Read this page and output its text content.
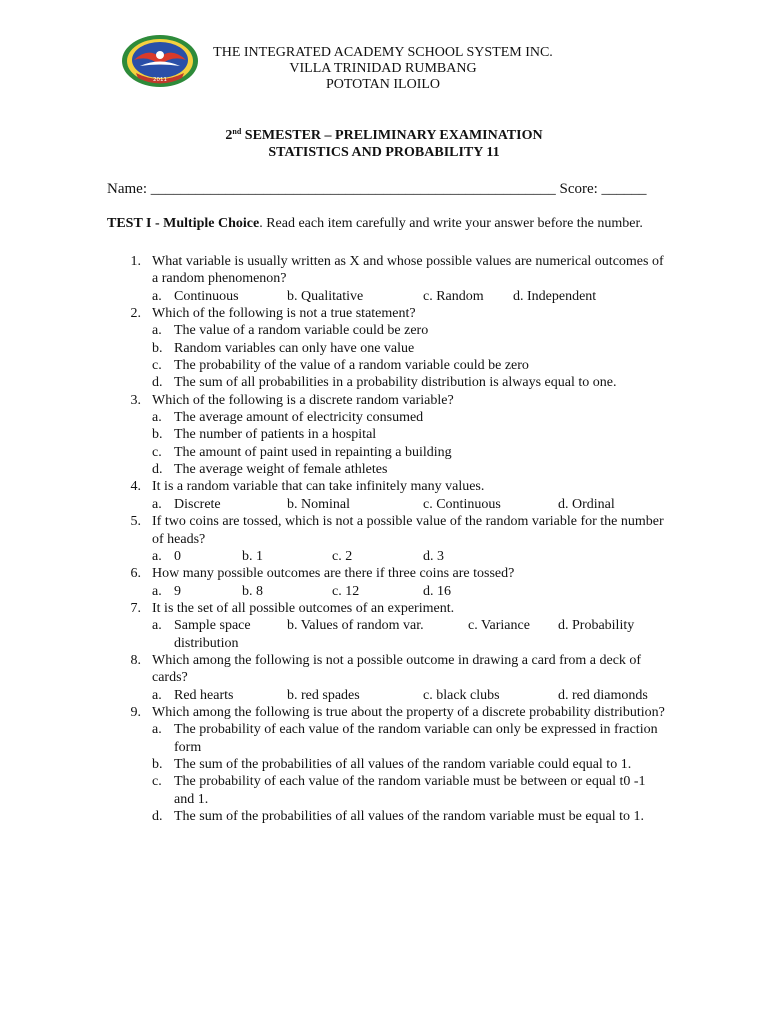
2011
THE INTEGRATED ACADEMY SCHOOL SYSTEM INC.
VILLA TRINIDAD RUMBANG
POTOTAN ILOILO
2nd SEMESTER – PRELIMINARY EXAMINATION
STATISTICS AND PROBABILITY 11
Name: ______________________________________________________ Score: ______
TEST I - Multiple Choice. Read each item carefully and write your answer before the number.
1. What variable is usually written as X and whose possible values are numerical outcomes of
a random phenomenon?
a. Continuous	b. Qualitative	c. Random d. Independent
2. Which of the following is not a true statement?
a. The value of a random variable could be zero
b. Random variables can only have one value
c. The probability of the value of a random variable could be zero
d. The sum of all probabilities in a probability distribution is always equal to one.
3. Which of the following is a discrete random variable?
a. The average amount of electricity consumed
b. The number of patients in a hospital
c. The amount of paint used in repainting a building
d. The average weight of female athletes
4. It is a random variable that can take infinitely many values.
a. Discrete	b. Nominal	c. Continuous	d. Ordinal
5. If two coins are tossed, which is not a possible value of the random variable for the number
of heads?
a. 0	b. 1	c. 2	d. 3
6. How many possible outcomes are there if three coins are tossed?
a. 9	b. 8	c. 12	d. 16
7. It is the set of all possible outcomes of an experiment.
a. Sample space	b. Values of random var.	c. Variance d. Probability
distribution
8. Which among the following is not a possible outcome in drawing a card from a deck of
cards?
a. Red hearts	b. red spades	c. black clubs	d. red diamonds
9. Which among the following is true about the property of a discrete probability distribution?
a. The probability of each value of the random variable can only be expressed in fraction
form
b. The sum of the probabilities of all values of the random variable could equal to 1.
c. The probability of each value of the random variable must be between or equal t0 -1
and 1.
d. The sum of the probabilities of all values of the random variable must be equal to 1.
